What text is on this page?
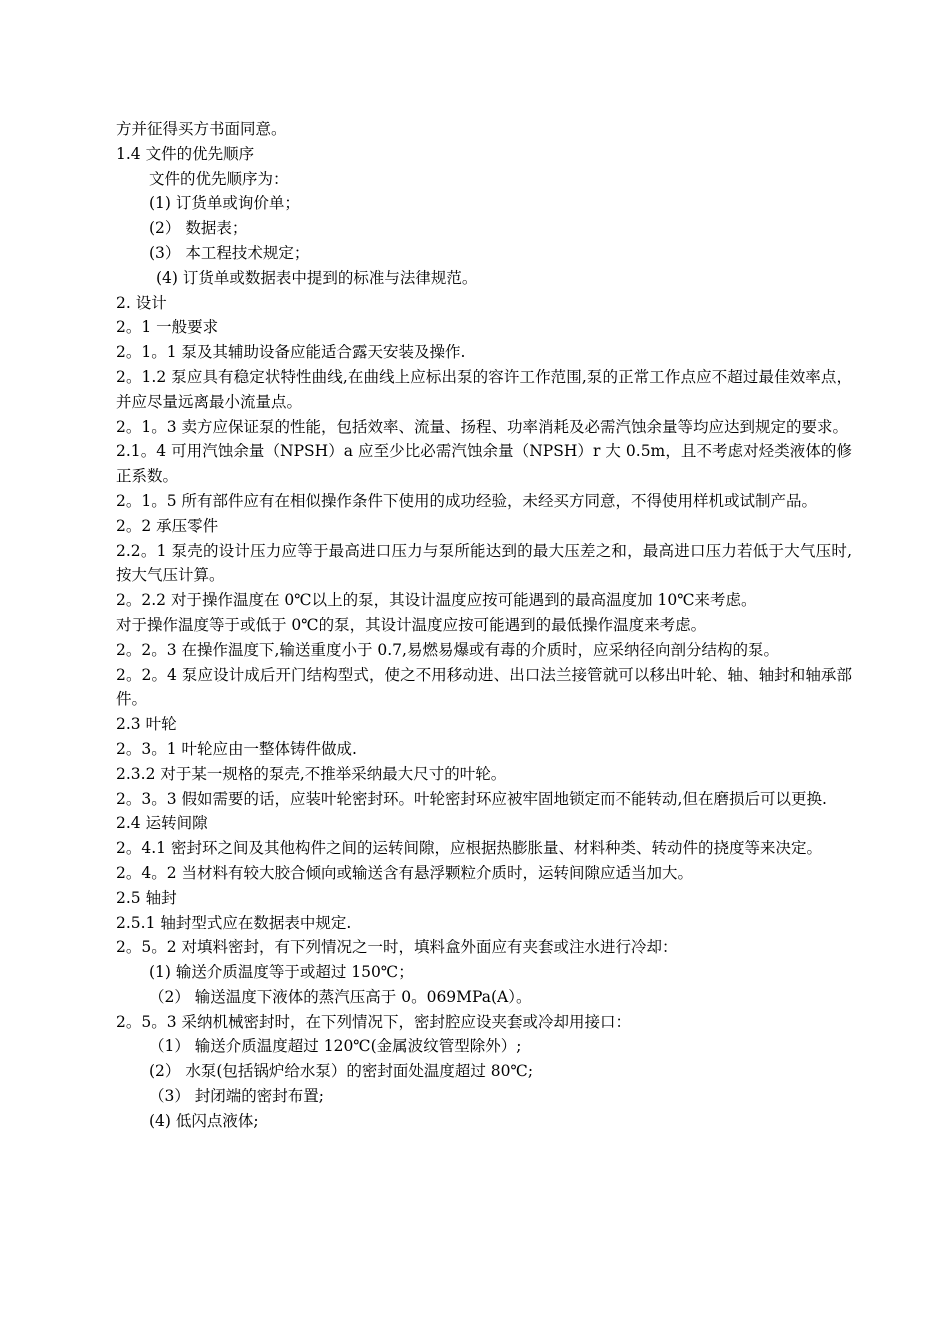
方并征得买方书面同意。

1.4 文件的优先顺序

文件的优先顺序为：

(1) 订货单或询价单；

(2） 数据表；

(3） 本工程技术规定；

(4) 订货单或数据表中提到的标准与法律规范。

2. 设计

2。1 一般要求

2。1。1 泵及其辅助设备应能适合露天安装及操作.

2。1.2 泵应具有稳定状特性曲线,在曲线上应标出泵的容许工作范围,泵的正常工作点应不超过最佳效率点，并应尽量远离最小流量点。

2。1。3 卖方应保证泵的性能，包括效率、流量、扬程、功率消耗及必需汽蚀余量等均应达到规定的要求。

2.1。4 可用汽蚀余量（NPSH）a 应至少比必需汽蚀余量（NPSH）r 大 0.5m，且不考虑对烃类液体的修正系数。

2。1。5 所有部件应有在相似操作条件下使用的成功经验，未经买方同意，不得使用样机或试制产品。

2。2 承压零件

2.2。1 泵壳的设计压力应等于最高进口压力与泵所能达到的最大压差之和，最高进口压力若低于大气压时,按大气压计算。

2。2.2 对于操作温度在 0℃以上的泵，其设计温度应按可能遇到的最高温度加 10℃来考虑。

对于操作温度等于或低于 0℃的泵，其设计温度应按可能遇到的最低操作温度来考虑。

2。2。3 在操作温度下,输送重度小于 0.7,易燃易爆或有毒的介质时，应采纳径向剖分结构的泵。

2。2。4 泵应设计成后开门结构型式，使之不用移动进、出口法兰接管就可以移出叶轮、轴、轴封和轴承部件。

2.3 叶轮

2。3。1 叶轮应由一整体铸件做成.

2.3.2 对于某一规格的泵壳,不推举采纳最大尺寸的叶轮。

2。3。3 假如需要的话，应装叶轮密封环。叶轮密封环应被牢固地锁定而不能转动,但在磨损后可以更换.

2.4 运转间隙

2。4.1 密封环之间及其他构件之间的运转间隙，应根据热膨胀量、材料种类、转动件的挠度等来决定。

2。4。2 当材料有较大胶合倾向或输送含有悬浮颗粒介质时，运转间隙应适当加大。

2.5 轴封

2.5.1 轴封型式应在数据表中规定.

2。5。2 对填料密封，有下列情况之一时，填料盒外面应有夹套或注水进行冷却：

(1) 输送介质温度等于或超过 150℃；

（2） 输送温度下液体的蒸汽压高于 0。069MPa(A）。

2。5。3 采纳机械密封时，在下列情况下，密封腔应设夹套或冷却用接口：

（1） 输送介质温度超过 120℃(金属波纹管型除外）;

(2） 水泵(包括锅炉给水泵）的密封面处温度超过 80℃;

（3） 封闭端的密封布置;

(4) 低闪点液体;
